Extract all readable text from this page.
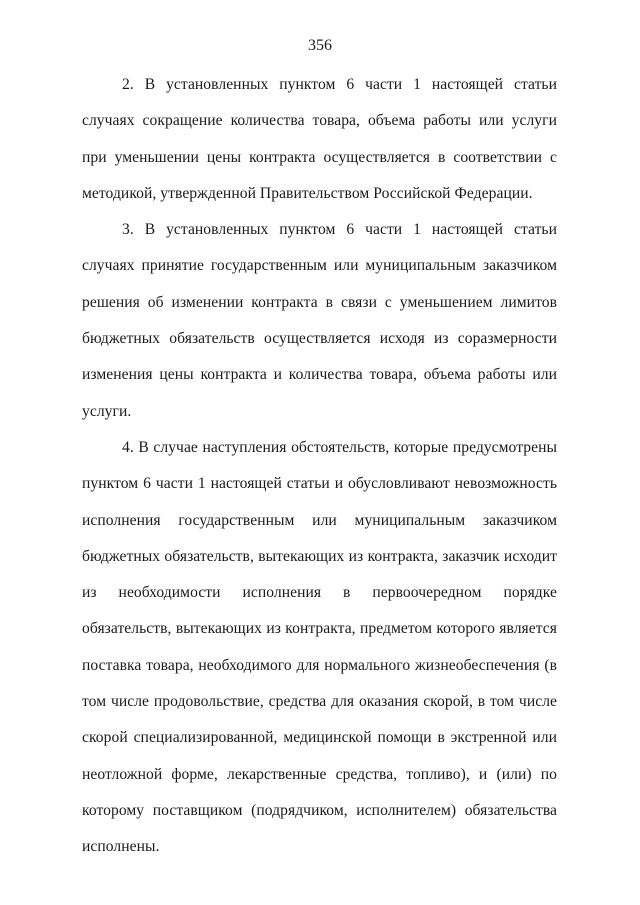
356

2. В установленных пунктом 6 части 1 настоящей статьи случаях сокращение количества товара, объема работы или услуги при уменьшении цены контракта осуществляется в соответствии с методикой, утвержденной Правительством Российской Федерации.

3. В установленных пунктом 6 части 1 настоящей статьи случаях принятие государственным или муниципальным заказчиком решения об изменении контракта в связи с уменьшением лимитов бюджетных обязательств осуществляется исходя из соразмерности изменения цены контракта и количества товара, объема работы или услуги.

4. В случае наступления обстоятельств, которые предусмотрены пунктом 6 части 1 настоящей статьи и обусловливают невозможность исполнения государственным или муниципальным заказчиком бюджетных обязательств, вытекающих из контракта, заказчик исходит из необходимости исполнения в первоочередном порядке обязательств, вытекающих из контракта, предметом которого является поставка товара, необходимого для нормального жизнеобеспечения (в том числе продовольствие, средства для оказания скорой, в том числе скорой специализированной, медицинской помощи в экстренной или неотложной форме, лекарственные средства, топливо), и (или) по которому поставщиком (подрядчиком, исполнителем) обязательства исполнены.
